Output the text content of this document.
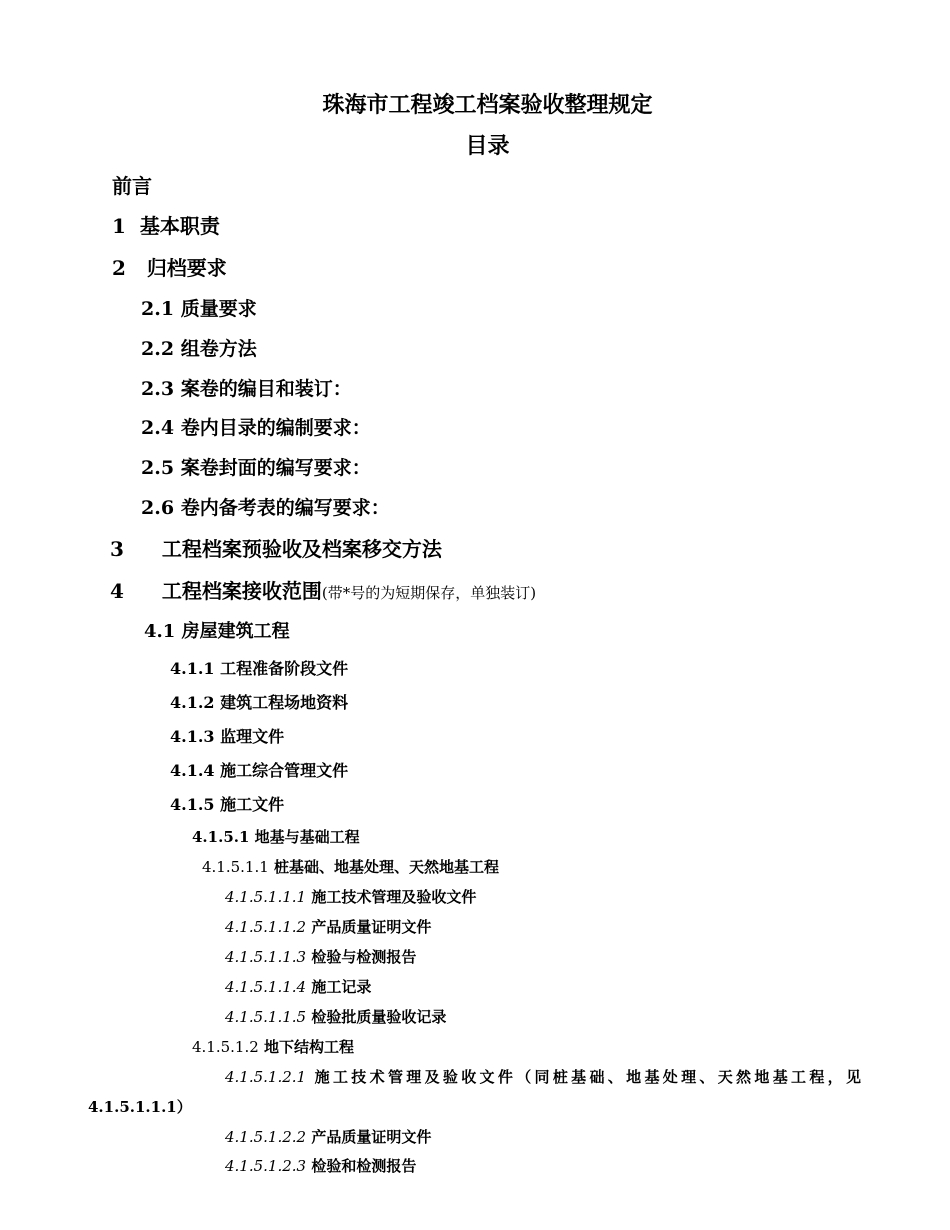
珠海市工程竣工档案验收整理规定
目录
前言
1 基本职责
2 归档要求
2.1 质量要求
2.2 组卷方法
2.3 案卷的编目和装订：
2.4 卷内目录的编制要求：
2.5 案卷封面的编写要求：
2.6 卷内备考表的编写要求：
3 工程档案预验收及档案移交方法
4 工程档案接收范围(带*号的为短期保存，单独装订)
4.1 房屋建筑工程
4.1.1 工程准备阶段文件
4.1.2 建筑工程场地资料
4.1.3 监理文件
4.1.4 施工综合管理文件
4.1.5 施工文件
4.1.5.1 地基与基础工程
4.1.5.1.1 桩基础、地基处理、天然地基工程
4.1.5.1.1.1 施工技术管理及验收文件
4.1.5.1.1.2 产品质量证明文件
4.1.5.1.1.3 检验与检测报告
4.1.5.1.1.4 施工记录
4.1.5.1.1.5 检验批质量验收记录
4.1.5.1.2 地下结构工程
4.1.5.1.2.1 施工技术管理及验收文件（同桩基础、地基处理、天然地基工程，见
4.1.5.1.1.1）
4.1.5.1.2.2 产品质量证明文件
4.1.5.1.2.3 检验和检测报告
